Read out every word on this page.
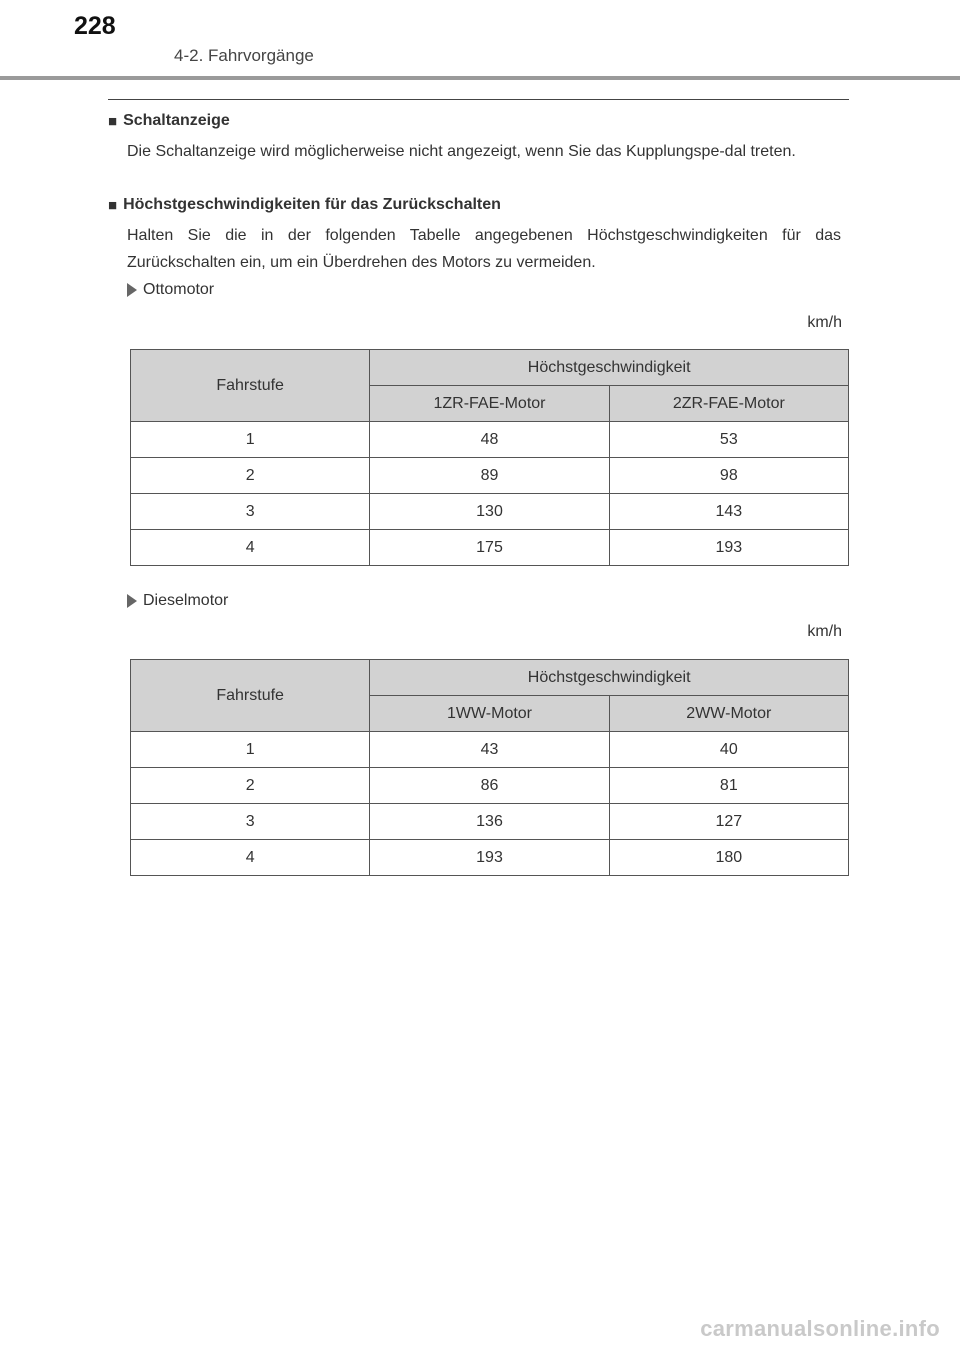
228
4-2. Fahrvorgänge
■ Schaltanzeige
Die Schaltanzeige wird möglicherweise nicht angezeigt, wenn Sie das Kupplungspe-dal treten.
■ Höchstgeschwindigkeiten für das Zurückschalten
Halten Sie die in der folgenden Tabelle angegebenen Höchstgeschwindigkeiten für das Zurückschalten ein, um ein Überdrehen des Motors zu vermeiden.
Ottomotor
km/h
Fahrstufe	Höchstgeschwindigkeit	
	1ZR-FAE-Motor	2ZR-FAE-Motor
1	48	53
2	89	98
3	130	143
4	175	193
Dieselmotor
km/h
Fahrstufe	Höchstgeschwindigkeit	
	1WW-Motor	2WW-Motor
1	43	40
2	86	81
3	136	127
4	193	180
carmanualsonline.info
